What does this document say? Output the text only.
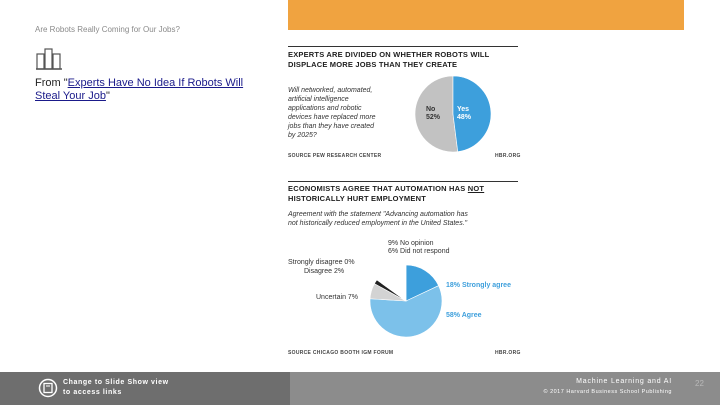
Are Robots Really Coming for Our Jobs?
From "Experts Have No Idea If Robots Will Steal Your Job"
EXPERTS ARE DIVIDED ON WHETHER ROBOTS WILL
DISPLACE MORE JOBS THAN THEY CREATE
Will networked, automated,
artificial intelligence
applications and robotic
devices have replaced more
jobs than they have created
by 2025?
No
52%
Yes
48%
SOURCE PEW RESEARCH CENTER	HBR.ORG
ECONOMISTS AGREE THAT AUTOMATION HAS NOT
HISTORICALLY HURT EMPLOYMENT
Agreement with the statement "Advancing automation has
not historically reduced employment in the United States."
9% No opinion
6% Did not respond
Strongly disagree 0%
Disagree 2%
Uncertain 7%
18% Strongly agree
58% Agree
SOURCE CHICAGO BOOTH IGM FORUM	HBR.ORG
Change to Slide Show view
to access links
Machine Learning and AI
© 2017 Harvard Business School Publishing
22
